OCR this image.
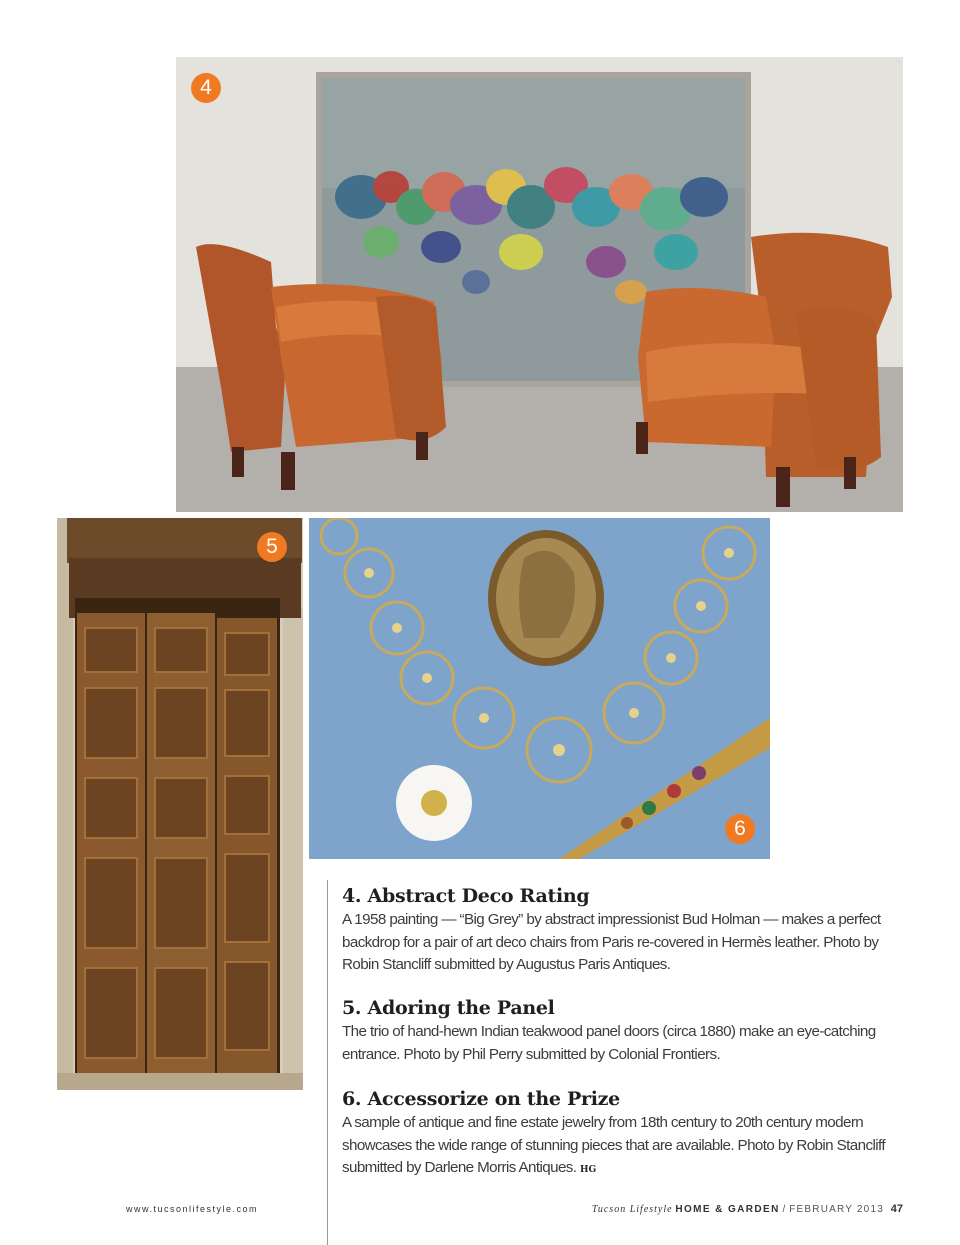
4
5
6
4. Abstract Deco Rating

A 1958 painting — “Big Grey” by abstract impressionist Bud Holman — makes a perfect backdrop for a pair of art deco chairs from Paris re-covered in Hermès leather. Photo by Robin Stancliff submitted by Augustus Paris Antiques.

5. Adoring the Panel

The trio of hand-hewn Indian teakwood panel doors (circa 1880) make an eye-catching entrance. Photo by Phil Perry submitted by Colonial Frontiers.

6. Accessorize on the Prize

A sample of antique and fine estate jewelry from 18th century to 20th century modern showcases the wide range of stunning pieces that are available. Photo by Robin Stancliff submitted by Darlene Morris Antiques. HG

www.tucsonlifestyle.com	Tucson Lifestyle HOME & GARDEN / FEBRUARY 2013 47
